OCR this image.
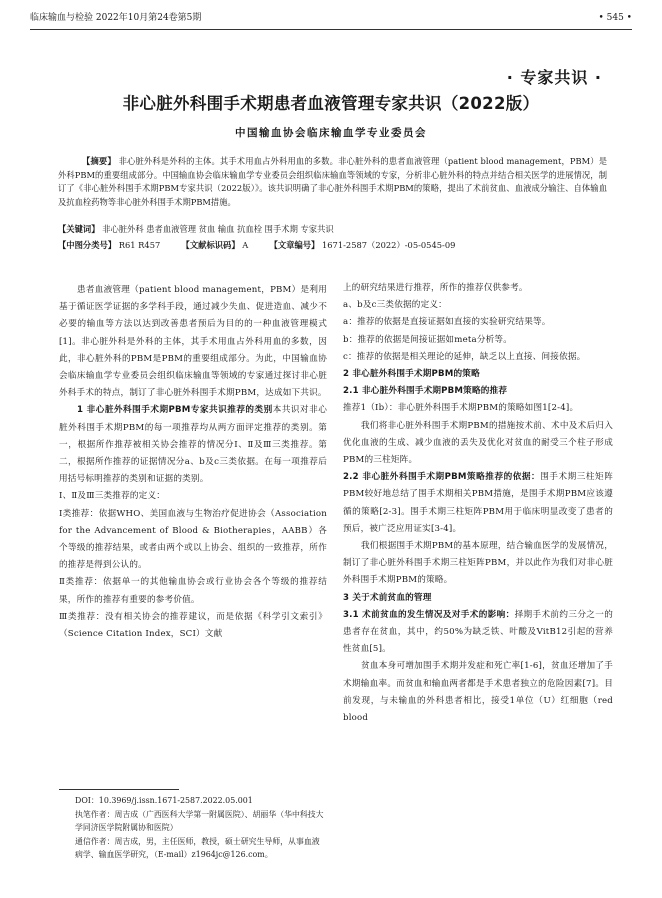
临床输血与检验 2022年10月第24卷第5期	• 545 •
· 专家共识 ·
非心脏外科围手术期患者血液管理专家共识（2022版）
中国输血协会临床输血学专业委员会

【摘要】 非心脏外科是外科的主体。其手术用血占外科用血的多数。非心脏外科的患者血液管理（patient blood management，PBM）是外科PBM的重要组成部分。中国输血协会临床输血学专业委员会组织临床输血等领域的专家，分析非心脏外科的特点并结合相关医学的进展情况，制订了《非心脏外科围手术期PBM专家共识（2022版）》。该共识明确了非心脏外科围手术期PBM的策略，提出了术前贫血、血液成分输注、自体输血及抗血栓药物等非心脏外科围手术期PBM措施。

【关键词】 非心脏外科 患者血液管理 贫血 输血 抗血栓 围手术期 专家共识
【中图分类号】 R61 R457	【文献标识码】 A	【文章编号】 1671-2587（2022）-05-0545-09

患者血液管理（patient blood management，PBM）是利用基于循证医学证据的多学科手段，通过减少失血、促进造血、减少不必要的输血等方法以达到改善患者预后为目的的一种血液管理模式[1]。非心脏外科是外科的主体，其手术用血占外科用血的多数，因此，非心脏外科的PBM是PBM的重要组成部分。为此，中国输血协会临床输血学专业委员会组织临床输血等领域的专家通过探讨非心脏外科手术的特点，制订了非心脏外科围手术期PBM，达成如下共识。

1 非心脏外科围手术期PBM专家共识推荐的类别本共识对非心脏外科围手术期PBM的每一项推荐均从两方面评定推荐的类别。第一，根据所作推荐被相关协会推荐的情况分Ⅰ、Ⅱ及Ⅲ三类推荐。第二，根据所作推荐的证据情况分a、b及c三类依据。在每一项推荐后用括号标明推荐的类别和证据的类别。

Ⅰ、Ⅱ及Ⅲ三类推荐的定义：

Ⅰ类推荐：依据WHO、美国血液与生物治疗促进协会（Association for the Advancement of Blood & Biotherapies，AABB）各个等级的推荐结果，或者由两个或以上协会、组织的一致推荐，所作的推荐是得到公认的。

Ⅱ类推荐：依据单一的其他输血协会或行业协会各个等级的推荐结果，所作的推荐有重要的参考价值。

Ⅲ类推荐：没有相关协会的推荐建议，而是依据《科学引文索引》（Science Citation Index，SCI）文献

上的研究结果进行推荐，所作的推荐仅供参考。

a、b及c三类依据的定义：

a：推荐的依据是直接证据如直接的实验研究结果等。

b：推荐的依据是间接证据如meta分析等。

c：推荐的依据是相关理论的延伸，缺乏以上直接、间接依据。

2 非心脏外科围手术期PBM的策略

2.1 非心脏外科围手术期PBM策略的推荐

推荐1（Ⅰb）：非心脏外科围手术期PBM的策略如图1[2-4]。

我们将非心脏外科围手术期PBM的措施按术前、术中及术后归入优化血液的生成、减少血液的丢失及优化对贫血的耐受三个柱子形成PBM的三柱矩阵。

2.2 非心脏外科围手术期PBM策略推荐的依据：围手术期三柱矩阵PBM较好地总结了围手术期相关PBM措施，是围手术期PBM应该遵循的策略[2-3]。围手术期三柱矩阵PBM用于临床明显改变了患者的预后，被广泛应用证实[3-4]。

我们根据围手术期PBM的基本原理，结合输血医学的发展情况，制订了非心脏外科围手术期三柱矩阵PBM，并以此作为我们对非心脏外科围手术期PBM的策略。

3 关于术前贫血的管理

3.1 术前贫血的发生情况及对手术的影响：择期手术前约三分之一的患者存在贫血，其中，约50%为缺乏铁、叶酸及VitB12引起的营养性贫血[5]。

贫血本身可增加围手术期并发症和死亡率[1-6]，贫血还增加了手术期输血率。而贫血和输血两者都是手术患者独立的危险因素[7]。目前发现，与未输血的外科患者相比，接受1单位（U）红细胞（red blood

DOI：10.3969/j.issn.1671-2587.2022.05.001

执笔作者：周吉成（广西医科大学第一附属医院）、胡丽华（华中科技大学同济医学院附属协和医院）

通信作者：周吉成，男，主任医师，教授，硕士研究生导师，从事血液病学、输血医学研究，（E-mail）z1964jc@126.com。
